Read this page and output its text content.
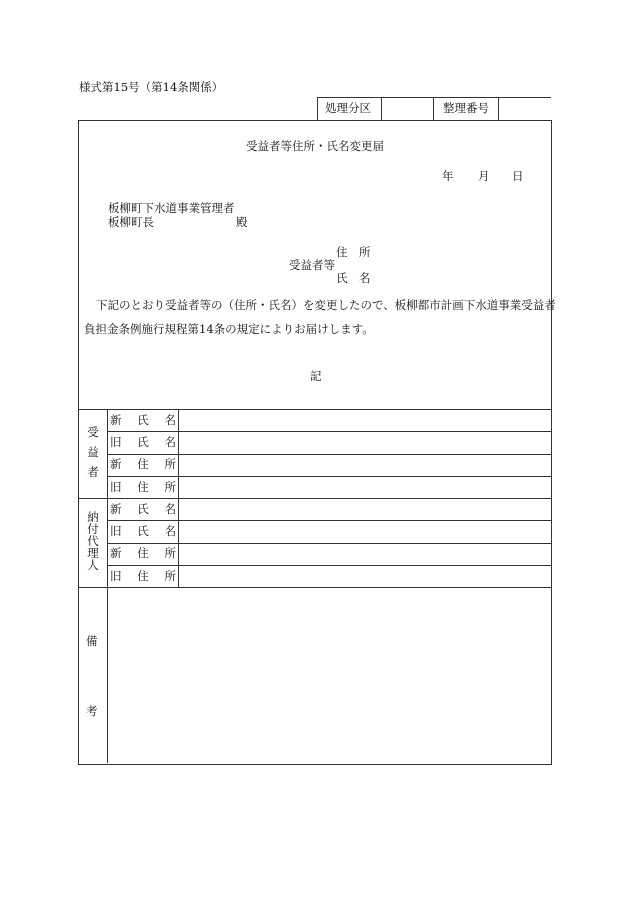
様式第15号（第14条関係）
処理分区	整理番号
受益者等住所・氏名変更届
年 月 日
板柳町下水道事業管理者
板柳町長	殿
住　所
受益者等
氏　名
下記のとおり受益者等の（住所・氏名）を変更したので、板柳都市計画下水道事業受益者
負担金条例施行規程第14条の規定によりお届けします。
記
受
益
者
新 氏 名
旧 氏 名
新 住 所
旧 住 所
納
付
代
理
人
新 氏 名
旧 氏 名
新 住 所
旧 住 所
備
考
